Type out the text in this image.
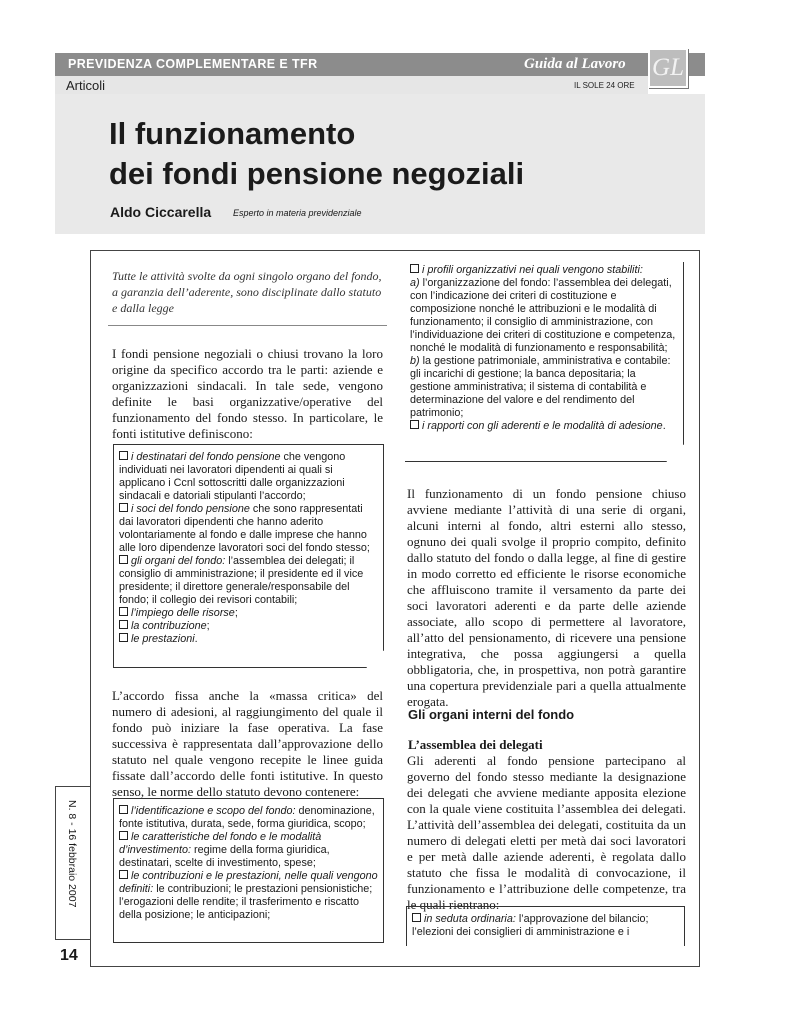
PREVIDENZA COMPLEMENTARE E TFR	Guida al Lavoro GL
Articoli	IL SOLE 24 ORE
Il funzionamento
dei fondi pensione negoziali
Aldo Ciccarella Esperto in materia previdenziale
N. 8 - 16 febbraio 2007
14
Tutte le attività svolte da ogni singolo organo del fondo, a garanzia dell’aderente, sono disciplinate dallo statuto e dalla legge
I fondi pensione negoziali o chiusi trovano la loro origine da specifico accordo tra le parti: aziende e organizzazioni sindacali. In tale sede, vengono definite le basi organizzative/operative del funzionamento del fondo stesso. In particolare, le fonti istitutive definiscono:

i destinatari del fondo pensione che vengono individuati nei lavoratori dipendenti ai quali si applicano i Ccnl sottoscritti dalle organizzazioni sindacali e datoriali stipulanti l’accordo;

i soci del fondo pensione che sono rappresentati dai lavoratori dipendenti che hanno aderito volontariamente al fondo e dalle imprese che hanno alle loro dipendenze lavoratori soci del fondo stesso;

gli organi del fondo: l’assemblea dei delegati; il consiglio di amministrazione; il presidente ed il vice presidente; il direttore generale/responsabile del fondo; il collegio dei revisori contabili;

l’impiego delle risorse;

la contribuzione;

le prestazioni.

L’accordo fissa anche la «massa critica» del numero di adesioni, al raggiungimento del quale il fondo può iniziare la fase operativa. La fase successiva è rappresentata dall’approvazione dello statuto nel quale vengono recepite le linee guida fissate dall’accordo delle fonti istitutive. In questo senso, le norme dello statuto devono contenere:

l’identificazione e scopo del fondo: denominazione, fonte istitutiva, durata, sede, forma giuridica, scopo;

le caratteristiche del fondo e le modalità d’investimento: regime della forma giuridica, destinatari, scelte di investimento, spese;

le contribuzioni e le prestazioni, nelle quali vengono definiti: le contribuzioni; le prestazioni pensionistiche; l’erogazioni delle rendite; il trasferimento e riscatto della posizione; le anticipazioni;

i profili organizzativi nei quali vengono stabiliti:

a) l’organizzazione del fondo: l’assemblea dei delegati, con l’indicazione dei criteri di costituzione e composizione nonché le attribuzioni e le modalità di funzionamento; il consiglio di amministrazione, con l’individuazione dei criteri di costituzione e competenza, nonché le modalità di funzionamento e responsabilità;

b) la gestione patrimoniale, amministrativa e contabile: gli incarichi di gestione; la banca depositaria; la gestione amministrativa; il sistema di contabilità e determinazione del valore e del rendimento del patrimonio;

i rapporti con gli aderenti e le modalità di adesione.

Il funzionamento di un fondo pensione chiuso avviene mediante l’attività di una serie di organi, alcuni interni al fondo, altri esterni allo stesso, ognuno dei quali svolge il proprio compito, definito dallo statuto del fondo o dalla legge, al fine di gestire in modo corretto ed efficiente le risorse economiche che affluiscono tramite il versamento da parte dei soci lavoratori aderenti e da parte delle aziende associate, allo scopo di permettere al lavoratore, all’atto del pensionamento, di ricevere una pensione integrativa, che possa aggiungersi a quella obbligatoria, che, in prospettiva, non potrà garantire una copertura previdenziale pari a quella attualmente erogata.
Gli organi interni del fondo
L’assemblea dei delegati
Gli aderenti al fondo pensione partecipano al governo del fondo stesso mediante la designazione dei delegati che avviene mediante apposita elezione con la quale viene costituita l’assemblea dei delegati. L’attività dell’assemblea dei delegati, costituita da un numero di delegati eletti per metà dai soci lavoratori e per metà dalle aziende aderenti, è regolata dallo statuto che fissa le modalità di convocazione, il funzionamento e l’attribuzione delle competenze, tra le quali rientrano:

in seduta ordinaria: l’approvazione del bilancio; l’elezioni dei consiglieri di amministrazione e i
